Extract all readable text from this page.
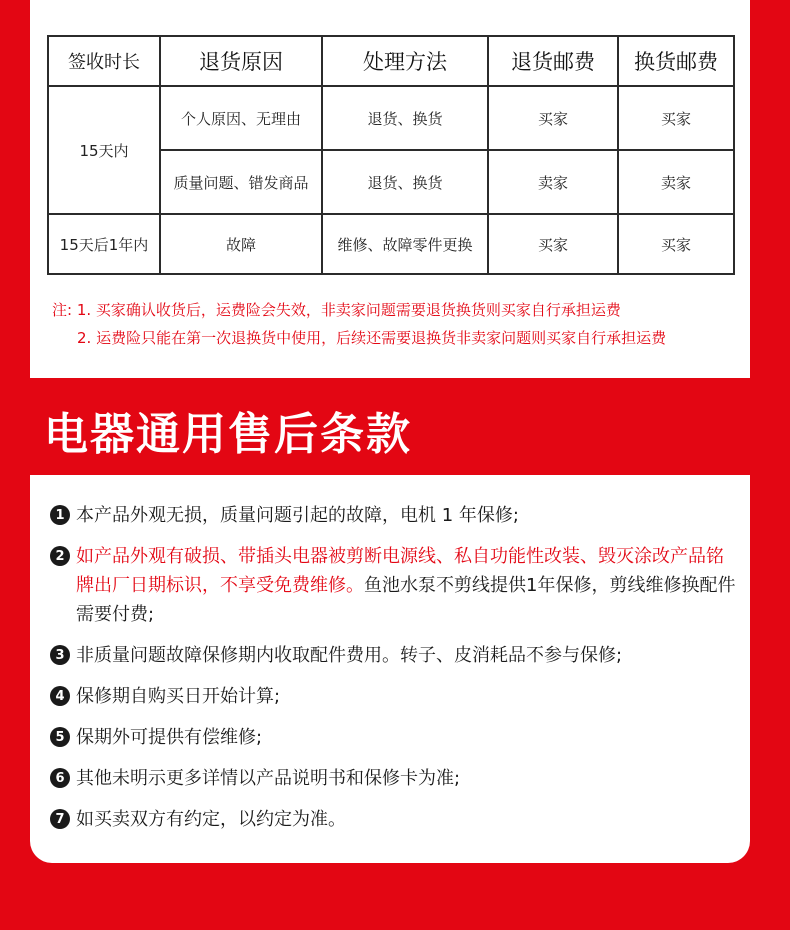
签收时长	退货原因	处理方法	退货邮费	换货邮费
15天内	个人原因、无理由	退货、换货	买家	买家
	质量问题、错发商品	退货、换货	卖家	卖家
15天后1年内	故障	维修、故障零件更换	买家	买家
注: 1. 买家确认收货后，运费险会失效，非卖家问题需要退货换货则买家自行承担运费
2. 运费险只能在第一次退换货中使用，后续还需要退换货非卖家问题则买家自行承担运费
电器通用售后条款
1 本产品外观无损，质量问题引起的故障，电机 1 年保修;
2 如产品外观有破损、带插头电器被剪断电源线、私自功能性改装、毁灭涂改产品铭牌出厂日期标识，不享受免费维修。鱼池水泵不剪线提供1年保修，剪线维修换配件需要付费;
3 非质量问题故障保修期内收取配件费用。转子、皮消耗品不参与保修;
4 保修期自购买日开始计算;
5 保期外可提供有偿维修;
6 其他未明示更多详情以产品说明书和保修卡为准;
7 如买卖双方有约定，以约定为准。
